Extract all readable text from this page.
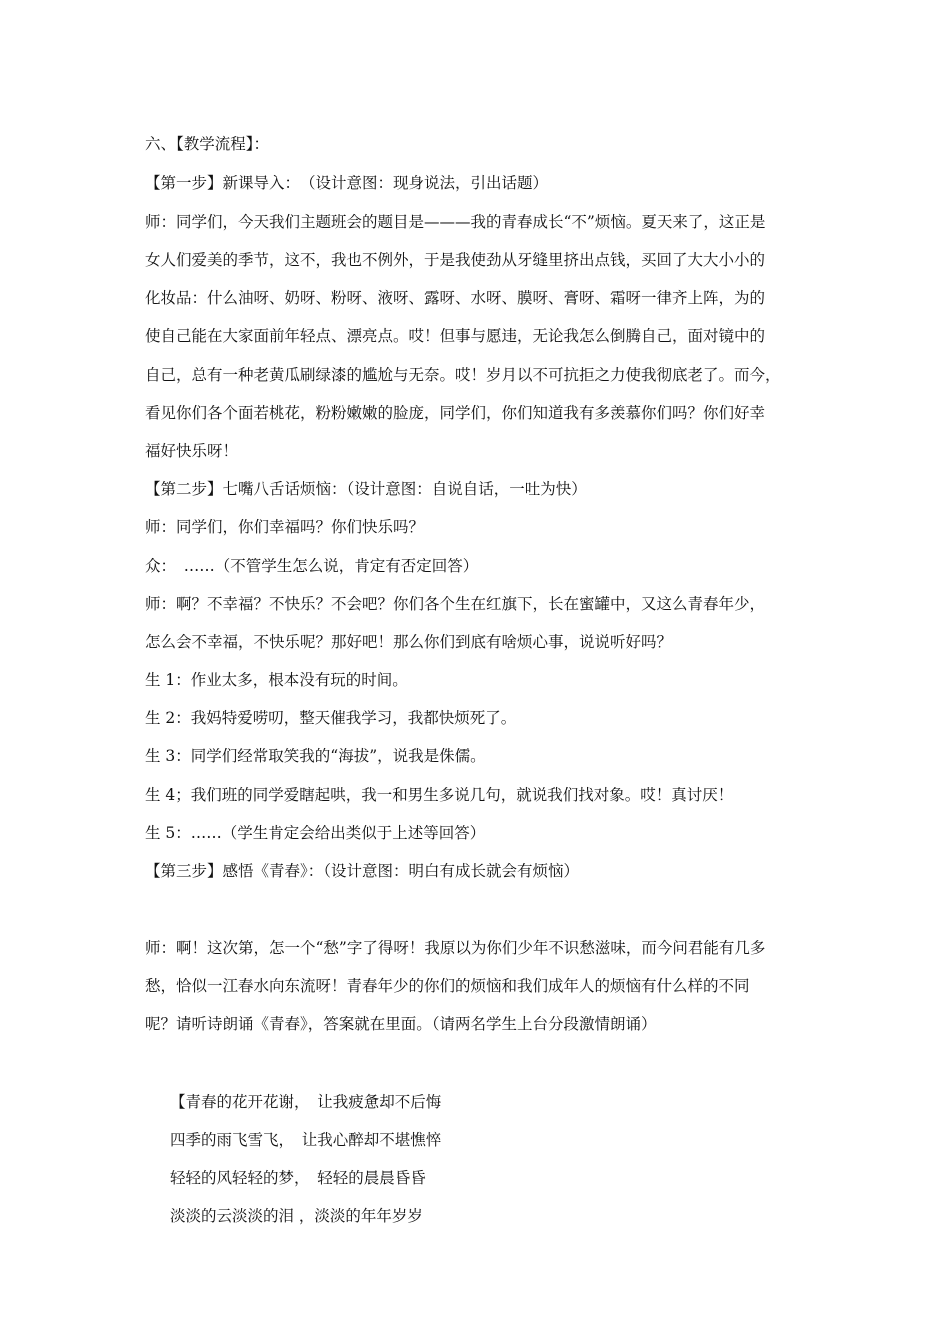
六、【教学流程】：
【第一步】新课导入：　（设计意图：现身说法，引出话题）
师：同学们，今天我们主题班会的题目是———我的青春成长“不”烦恼。夏天来了，这正是
女人们爱美的季节，这不，我也不例外，于是我使劲从牙缝里挤出点钱，买回了大大小小的
化妆品：什么油呀、奶呀、粉呀、液呀、露呀、水呀、膜呀、膏呀、霜呀一律齐上阵，为的
使自己能在大家面前年轻点、漂亮点。哎！但事与愿违，无论我怎么倒腾自己，面对镜中的
自己，总有一种老黄瓜刷绿漆的尴尬与无奈。哎！岁月以不可抗拒之力使我彻底老了。而今，
看见你们各个面若桃花，粉粉嫩嫩的脸庞，同学们，你们知道我有多羡慕你们吗？你们好幸
福好快乐呀！
【第二步】七嘴八舌话烦恼：（设计意图：自说自话，一吐为快）
师：同学们，你们幸福吗？你们快乐吗？
众：　……（不管学生怎么说，肯定有否定回答）
师：啊？不幸福？不快乐？不会吧？你们各个生在红旗下，长在蜜罐中，又这么青春年少，
怎么会不幸福，不快乐呢？那好吧！那么你们到底有啥烦心事，说说听好吗？
生 1：作业太多，根本没有玩的时间。
生 2：我妈特爱唠叨，整天催我学习，我都快烦死了。
生 3：同学们经常取笑我的“海拔”，说我是侏儒。
生 4；我们班的同学爱瞎起哄，我一和男生多说几句，就说我们找对象。哎！真讨厌！
生 5：……（学生肯定会给出类似于上述等回答）
【第三步】感悟《青春》：（设计意图：明白有成长就会有烦恼）
师：啊！这次第，怎一个“愁”字了得呀！我原以为你们少年不识愁滋味，而今问君能有几多
愁，恰似一江春水向东流呀！青春年少的你们的烦恼和我们成年人的烦恼有什么样的不同
呢？请听诗朗诵《青春》，答案就在里面。（请两名学生上台分段激情朗诵）
【青春的花开花谢，　让我疲惫却不后悔
四季的雨飞雪飞，　让我心醉却不堪憔悴
轻轻的风轻轻的梦，　轻轻的晨晨昏昏
淡淡的云淡淡的泪 ，淡淡的年年岁岁
